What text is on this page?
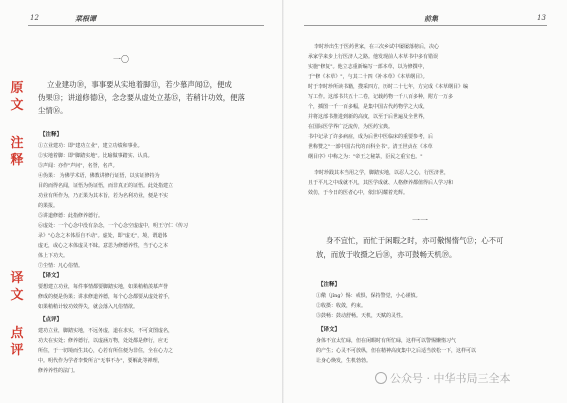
12	菜根谭
一〇
原文
注释
译文
点评
立业建功⑩，事事要从实地着脚⑪，若少慕声闻⑫，便成
伪果⑬；讲道修德⑭，念念要从虚处立基⑮，若稍计功效，便落
尘情⑯。
【注释】
①立业建功：即"建功立业"，建立功绩和事业。
②实地着脚：即"脚踏实地"。比喻做事踏实、认真。
③声闻：亦作"声问"，名誉，名声。
④伪果： 为佛学术语，佛教讲修行证悟，以实证修持为
目的而得名闻，证悟为伪证悟，而非真正的证悟。此处指建立
功业有所作为，乃正果为其本旨，若为名利功业，便是不实
的果报。
⑤讲道修德：此指修养德行。
⑥虚处：一个心念中没有杂念，一个心念空虚虚中，明王守仁《传习
录》"心念之本体原自不动"。虚处，即"虚无"，境，谓道体
虚无，或心之本体虚灵不昧。意思为修德养性，当于心之本
体上下功夫。
⑦尘情：凡心俗情。
【译文】
要想建立功业，每件事情都要脚踏实地，如果稍稍羡慕声誉
修成的便是伪果；讲求修道养德，每个心念都要从虚处着手，
如果稍稍计较功效得失，就会落入凡俗情欲。
【点评】
建功立业，脚踏实地，不远务虚，道在求实，不可贪图虚名，
功夫在实处；修养德行，以虚涵万物，处处都是修行，应无
所住，于一切境而生其心，心若有所住便为非住，全在心力之
中。明代作为学者李贽所言"无事不办"，要解此等禅理，
修养养性的法门。
前集	13
李时珍出生于医药世家，在三次乡试中屡屡落榜后，决心
承家学来步上行医济人之路。他发现前人本草书中多有错误
实施"修复"。他立志重新编写一部本草，以为修撰中，
于"修《本草》"，与其二十四《补本草》《本草纲目》。
时于李时珍所读书籍，搜采四方，历时二十七年，方完成《本草纲目》编
写工作。这部书共五十二卷，记载药物一千八百多种，附方一万多
个，插图一千一百多幅，是集中国古代药物学之大成，
并将这部书推进到新的高度，以至于后世遍及全世界，
在国际医学界广泛流传，为医药宝典。
书中记录了许多病症，成为后世中医临床的重要参考，后
世称赞之"一部中国古代的百科全书"。清王世贞在《本草
纲目序》中称之为："帝王之秘箓，臣民之重宝也。"
李时珍践其本当用之学，脚踏实地，以忍人之心，行医济世，
且于平凡之中成就不凡，其医学成就、人格修养都值得后人学习和
效仿，于今日的医者心中，依旧闪耀着光辉。
一一
身不宜忙，而忙于闲暇之时，亦可儆惕惰气⑰；心不可
放，而放于收摄之后⑱，亦可鼓畅天机⑲。
【注释】
①儆（jǐng）惕：戒惧，保持警觉，小心谨慎。
②收摄：收敛，约束。
③鼓畅：鼓动舒畅。天机，天赋的灵性。
【译文】
身体不宜太忙碌，但在闲暇时有所忙碌，这样可以警惕懒惰习气
的产生；心灵不可放纵，但在精神高度集中之后适当放松一下，这样可以
让身心焕发，生机勃勃。
公众号 · 中华书局三全本
